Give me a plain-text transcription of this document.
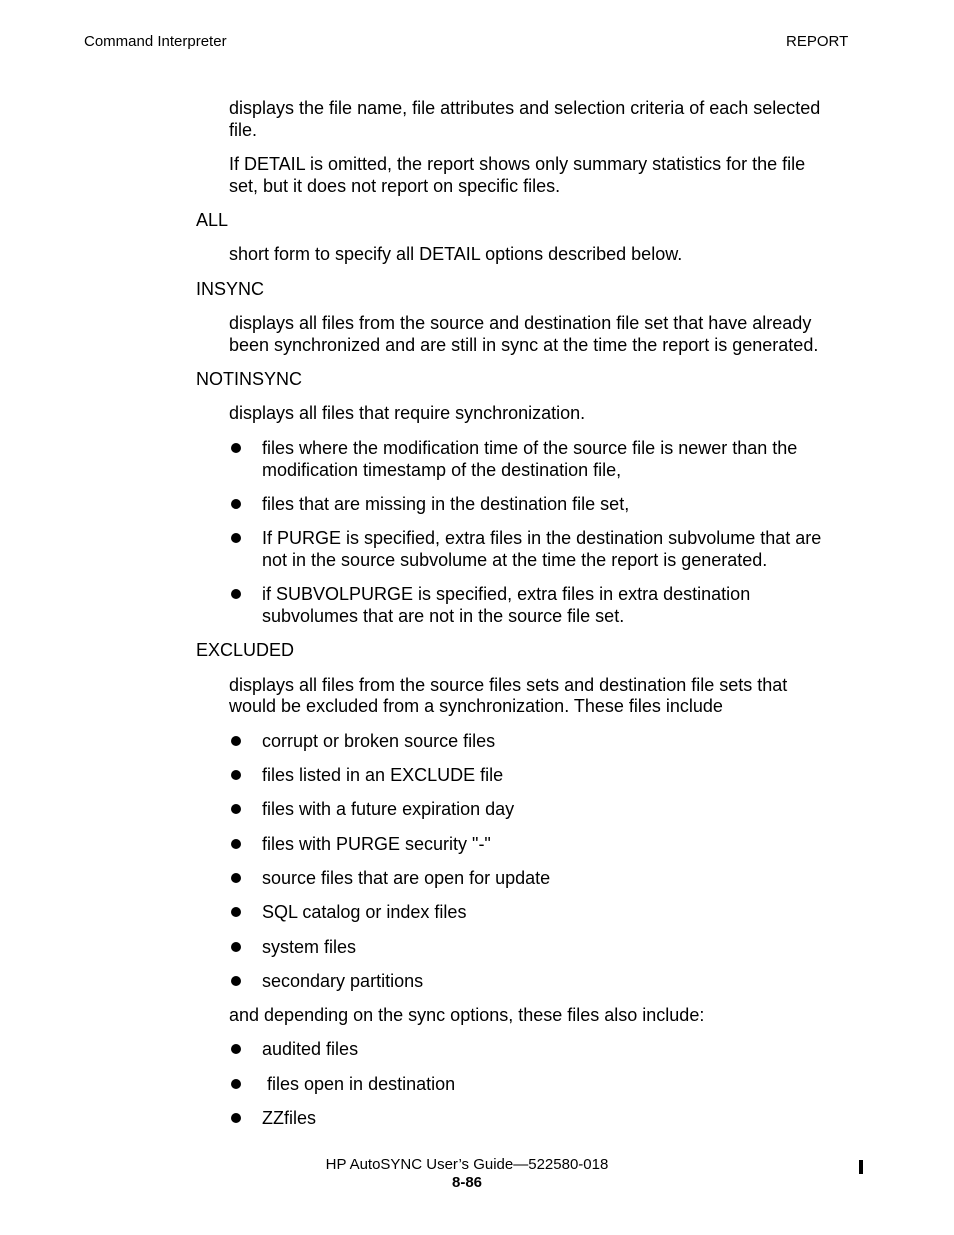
Command Interpreter	REPORT
displays the file name, file attributes and selection criteria of each selected
file.
If DETAIL is omitted, the report shows only summary statistics for the file
set, but it does not report on specific files.
ALL
short form to specify all DETAIL options described below.
INSYNC
displays all files from the source and destination file set that have already
been synchronized and are still in sync at the time the report is generated.
NOTINSYNC
displays all files that require synchronization.
files where the modification time of the source file is newer than the
modification timestamp of the destination file,
files that are missing in the destination file set,
If PURGE is specified, extra files in the destination subvolume that are
not in the source subvolume at the time the report is generated.
if SUBVOLPURGE is specified, extra files in extra destination
subvolumes that are not in the source file set.
EXCLUDED
displays all files from the source files sets and destination file sets that
would be excluded from a synchronization. These files include
corrupt or broken source files
files listed in an EXCLUDE file
files with a future expiration day
files with PURGE security "-"
source files that are open for update
SQL catalog or index files
system files
secondary partitions
and depending on the sync options, these files also include:
audited files
files open in destination
ZZfiles
HP AutoSYNC User’s Guide—522580-018
8-86
